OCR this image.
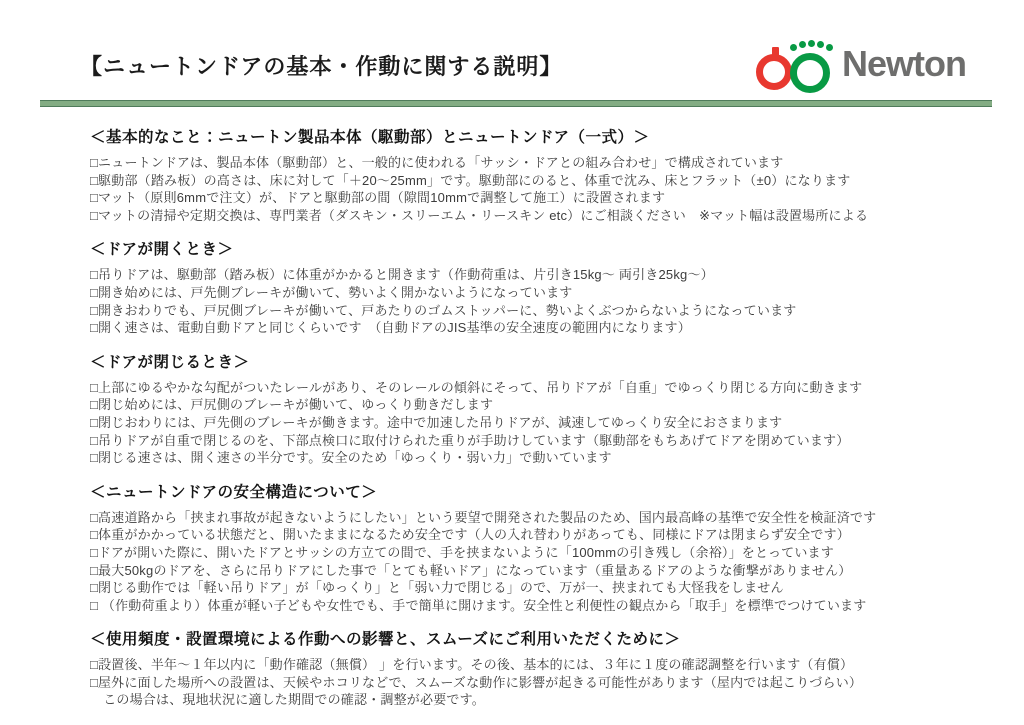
【ニュートンドアの基本・作動に関する説明】	Newton
＜基本的なこと：ニュートン製品本体（駆動部）とニュートンドア（一式）＞
□ニュートンドアは、製品本体（駆動部）と、一般的に使われる「サッシ・ドアとの組み合わせ」で構成されています
□駆動部（踏み板）の高さは、床に対して「＋20〜25mm」です。駆動部にのると、体重で沈み、床とフラット（±0）になります
□マット（原則6mmで注文）が、ドアと駆動部の間（隙間10mmで調整して施工）に設置されます
□マットの清掃や定期交換は、専門業者（ダスキン・スリーエム・リースキン etc）にご相談ください　※マット幅は設置場所による
＜ドアが開くとき＞
□吊りドアは、駆動部（踏み板）に体重がかかると開きます（作動荷重は、片引き15kg〜 両引き25kg〜）
□開き始めには、戸先側ブレーキが働いて、勢いよく開かないようになっています
□開きおわりでも、戸尻側ブレーキが働いて、戸あたりのゴムストッパーに、勢いよくぶつからないようになっています
□開く速さは、電動自動ドアと同じくらいです　（自動ドアのJIS基準の安全速度の範囲内になります）
＜ドアが閉じるとき＞
□上部にゆるやかな勾配がついたレールがあり、そのレールの傾斜にそって、吊りドアが「自重」でゆっくり閉じる方向に動きます
□閉じ始めには、戸尻側のブレーキが働いて、ゆっくり動きだします
□閉じおわりには、戸先側のブレーキが働きます。途中で加速した吊りドアが、減速してゆっくり安全におさまります
□吊りドアが自重で閉じるのを、下部点検口に取付けられた重りが手助けしています（駆動部をもちあげてドアを閉めています）
□閉じる速さは、開く速さの半分です。安全のため「ゆっくり・弱い力」で動いています
＜ニュートンドアの安全構造について＞
□高速道路から「挟まれ事故が起きないようにしたい」という要望で開発された製品のため、国内最高峰の基準で安全性を検証済です
□体重がかかっている状態だと、開いたままになるため安全です（人の入れ替わりがあっても、同様にドアは閉まらず安全です）
□ドアが開いた際に、開いたドアとサッシの方立ての間で、手を挟まないように「100mmの引き残し（余裕）」をとっています
□最大50kgのドアを、さらに吊りドアにした事で「とても軽いドア」になっています（重量あるドアのような衝撃がありません）
□閉じる動作では「軽い吊りドア」が「ゆっくり」と「弱い力で閉じる」ので、万が一、挟まれても大怪我をしません
□ （作動荷重より）体重が軽い子どもや女性でも、手で簡単に開けます。安全性と利便性の観点から「取手」を標準でつけています
＜使用頻度・設置環境による作動への影響と、スムーズにご利用いただくために＞
□設置後、半年〜１年以内に「動作確認（無償） 」を行います。その後、基本的には、３年に１度の確認調整を行います（有償）
□屋外に面した場所への設置は、天候やホコリなどで、スムーズな動作に影響が起きる可能性があります（屋内では起こりづらい）
　この場合は、現地状況に適した期間での確認・調整が必要です。
